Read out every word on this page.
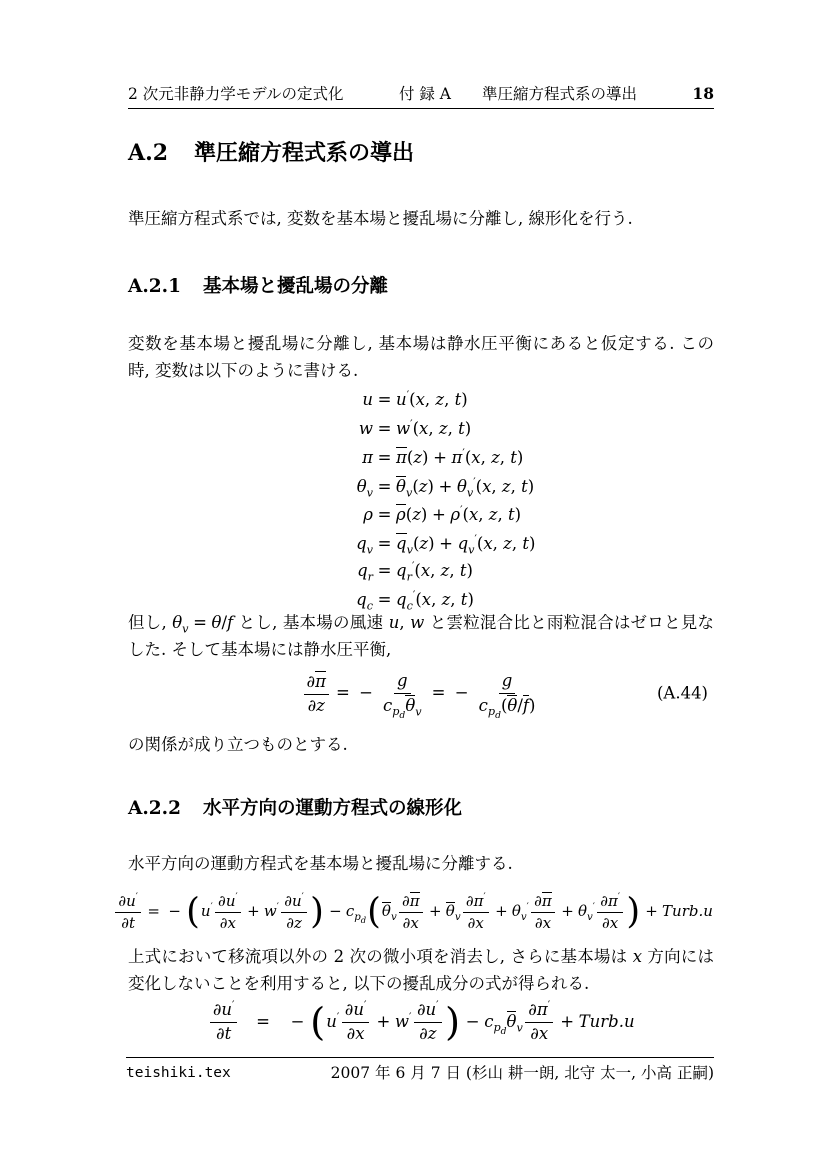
2 次元非静力学モデルの定式化	付 録 A　　準圧縮方程式系の導出	18
A.2 準圧縮方程式系の導出

準圧縮方程式系では, 変数を基本場と擾乱場に分離し, 線形化を行う.

A.2.1 基本場と擾乱場の分離

変数を基本場と擾乱場に分離し, 基本場は静水圧平衡にあると仮定する. この時, 変数は以下のように書ける.

u = u′(x, z, t)
w = w′(x, z, t)
π = π(z) + π′(x, z, t)
$\theta_v = \theta_v(z) + \theta_v'(x$, z, t)
ρ = ρ(z) + ρ′(x, z, t)
$q_v = q_v(z) + q_v'(x$, z, t)
$q_r = q_r'(x$, z, t)
$q_c = q_c'(x$, z, t)

但し, $\theta_v = \theta/f$ とし, 基本場の風速 u, w と雲粒混合比と雨粒混合はゼロと見なした. そして基本場には静水圧平衡,

$\frac{\partial\pi}{\partial z}$ = − $\frac{g}{c_{p_d}\theta_v}$ = − $\frac{g}{c_{p_d}(\theta/f)}$	(A.44)

の関係が成り立つものとする.

A.2.2 水平方向の運動方程式の線形化

水平方向の運動方程式を基本場と擾乱場に分離する.

$\frac{\partial u'}{\partial t}$ = − ($u' \frac{\partial u'}{\partial x} + w' \frac{\partial u'}{\partial z}$ ) − $c_{p_d}(\theta_v \frac{\partial\pi}{\partial x} + \theta_v \frac{\partial\pi'}{\partial x} + \theta_v' \frac{\partial\pi}{\partial x} + \theta_v' \frac{\partial\pi'}{\partial x}$ ) + Turb.u

上式において移流項以外の 2 次の微小項を消去し, さらに基本場は x 方向には変化しないことを利用すると, 以下の擾乱成分の式が得られる.

$\frac{\partial u'}{\partial t}$ = − ($u' \frac{\partial u'}{\partial x} + w' \frac{\partial u'}{\partial z}$ ) − $c_{p_d}\theta_v \frac{\partial\pi'}{\partial x}$ + Turb.u
teishiki.tex	2007 年 6 月 7 日 (杉山 耕一朗, 北守 太一, 小高 正嗣)
